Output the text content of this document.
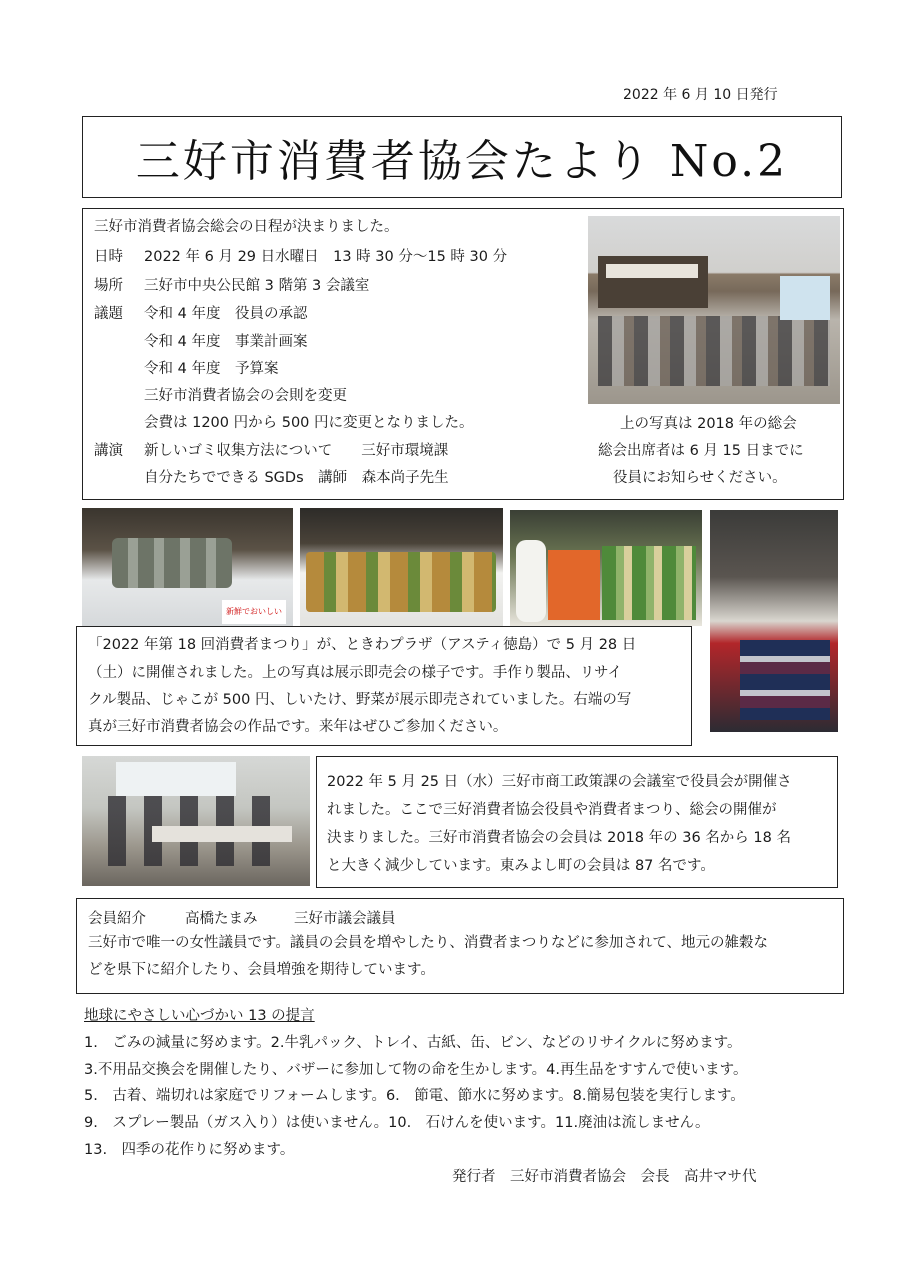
2022 年 6 月 10 日発行
三好市消費者協会たより No.2
三好市消費者協会総会の日程が決まりました。
日時 2022 年 6 月 29 日水曜日　13 時 30 分～15 時 30 分
場所 三好市中央公民館 3 階第 3 会議室
議題 令和 4 年度　役員の承認
令和 4 年度　事業計画案
令和 4 年度　予算案
三好市消費者協会の会則を変更
会費は 1200 円から 500 円に変更となりました。
講演 新しいゴミ収集方法について　　三好市環境課
自分たちでできる SGDs　講師　森本尚子先生
上の写真は 2018 年の総会
総会出席者は 6 月 15 日までに
役員にお知らせください。
新鮮でおいしい
「2022 年第 18 回消費者まつり」が、ときわプラザ（アスティ徳島）で 5 月 28 日
（土）に開催されました。上の写真は展示即売会の様子です。手作り製品、リサイ
クル製品、じゃこが 500 円、しいたけ、野菜が展示即売されていました。右端の写
真が三好市消費者協会の作品です。来年はぜひご参加ください。
2022 年 5 月 25 日（水）三好市商工政策課の会議室で役員会が開催さ
れました。ここで三好消費者協会役員や消費者まつり、総会の開催が
決まりました。三好市消費者協会の会員は 2018 年の 36 名から 18 名
と大きく減少しています。東みよし町の会員は 87 名です。
会員紹介	高橋たまみ	三好市議会議員
三好市で唯一の女性議員です。議員の会員を増やしたり、消費者まつりなどに参加されて、地元の雑穀な
どを県下に紹介したり、会員増強を期待しています。
地球にやさしい心づかい 13 の提言
1.　ごみの減量に努めます。2.牛乳パック、トレイ、古紙、缶、ビン、などのリサイクルに努めます。
3.不用品交換会を開催したり、バザーに参加して物の命を生かします。4.再生品をすすんで使います。
5.　古着、端切れは家庭でリフォームします。6.　節電、節水に努めます。8.簡易包装を実行します。
9.　スプレー製品（ガス入り）は使いません。10.　石けんを使います。11.廃油は流しません。
13.　四季の花作りに努めます。
発行者　三好市消費者協会　会長　高井マサ代
